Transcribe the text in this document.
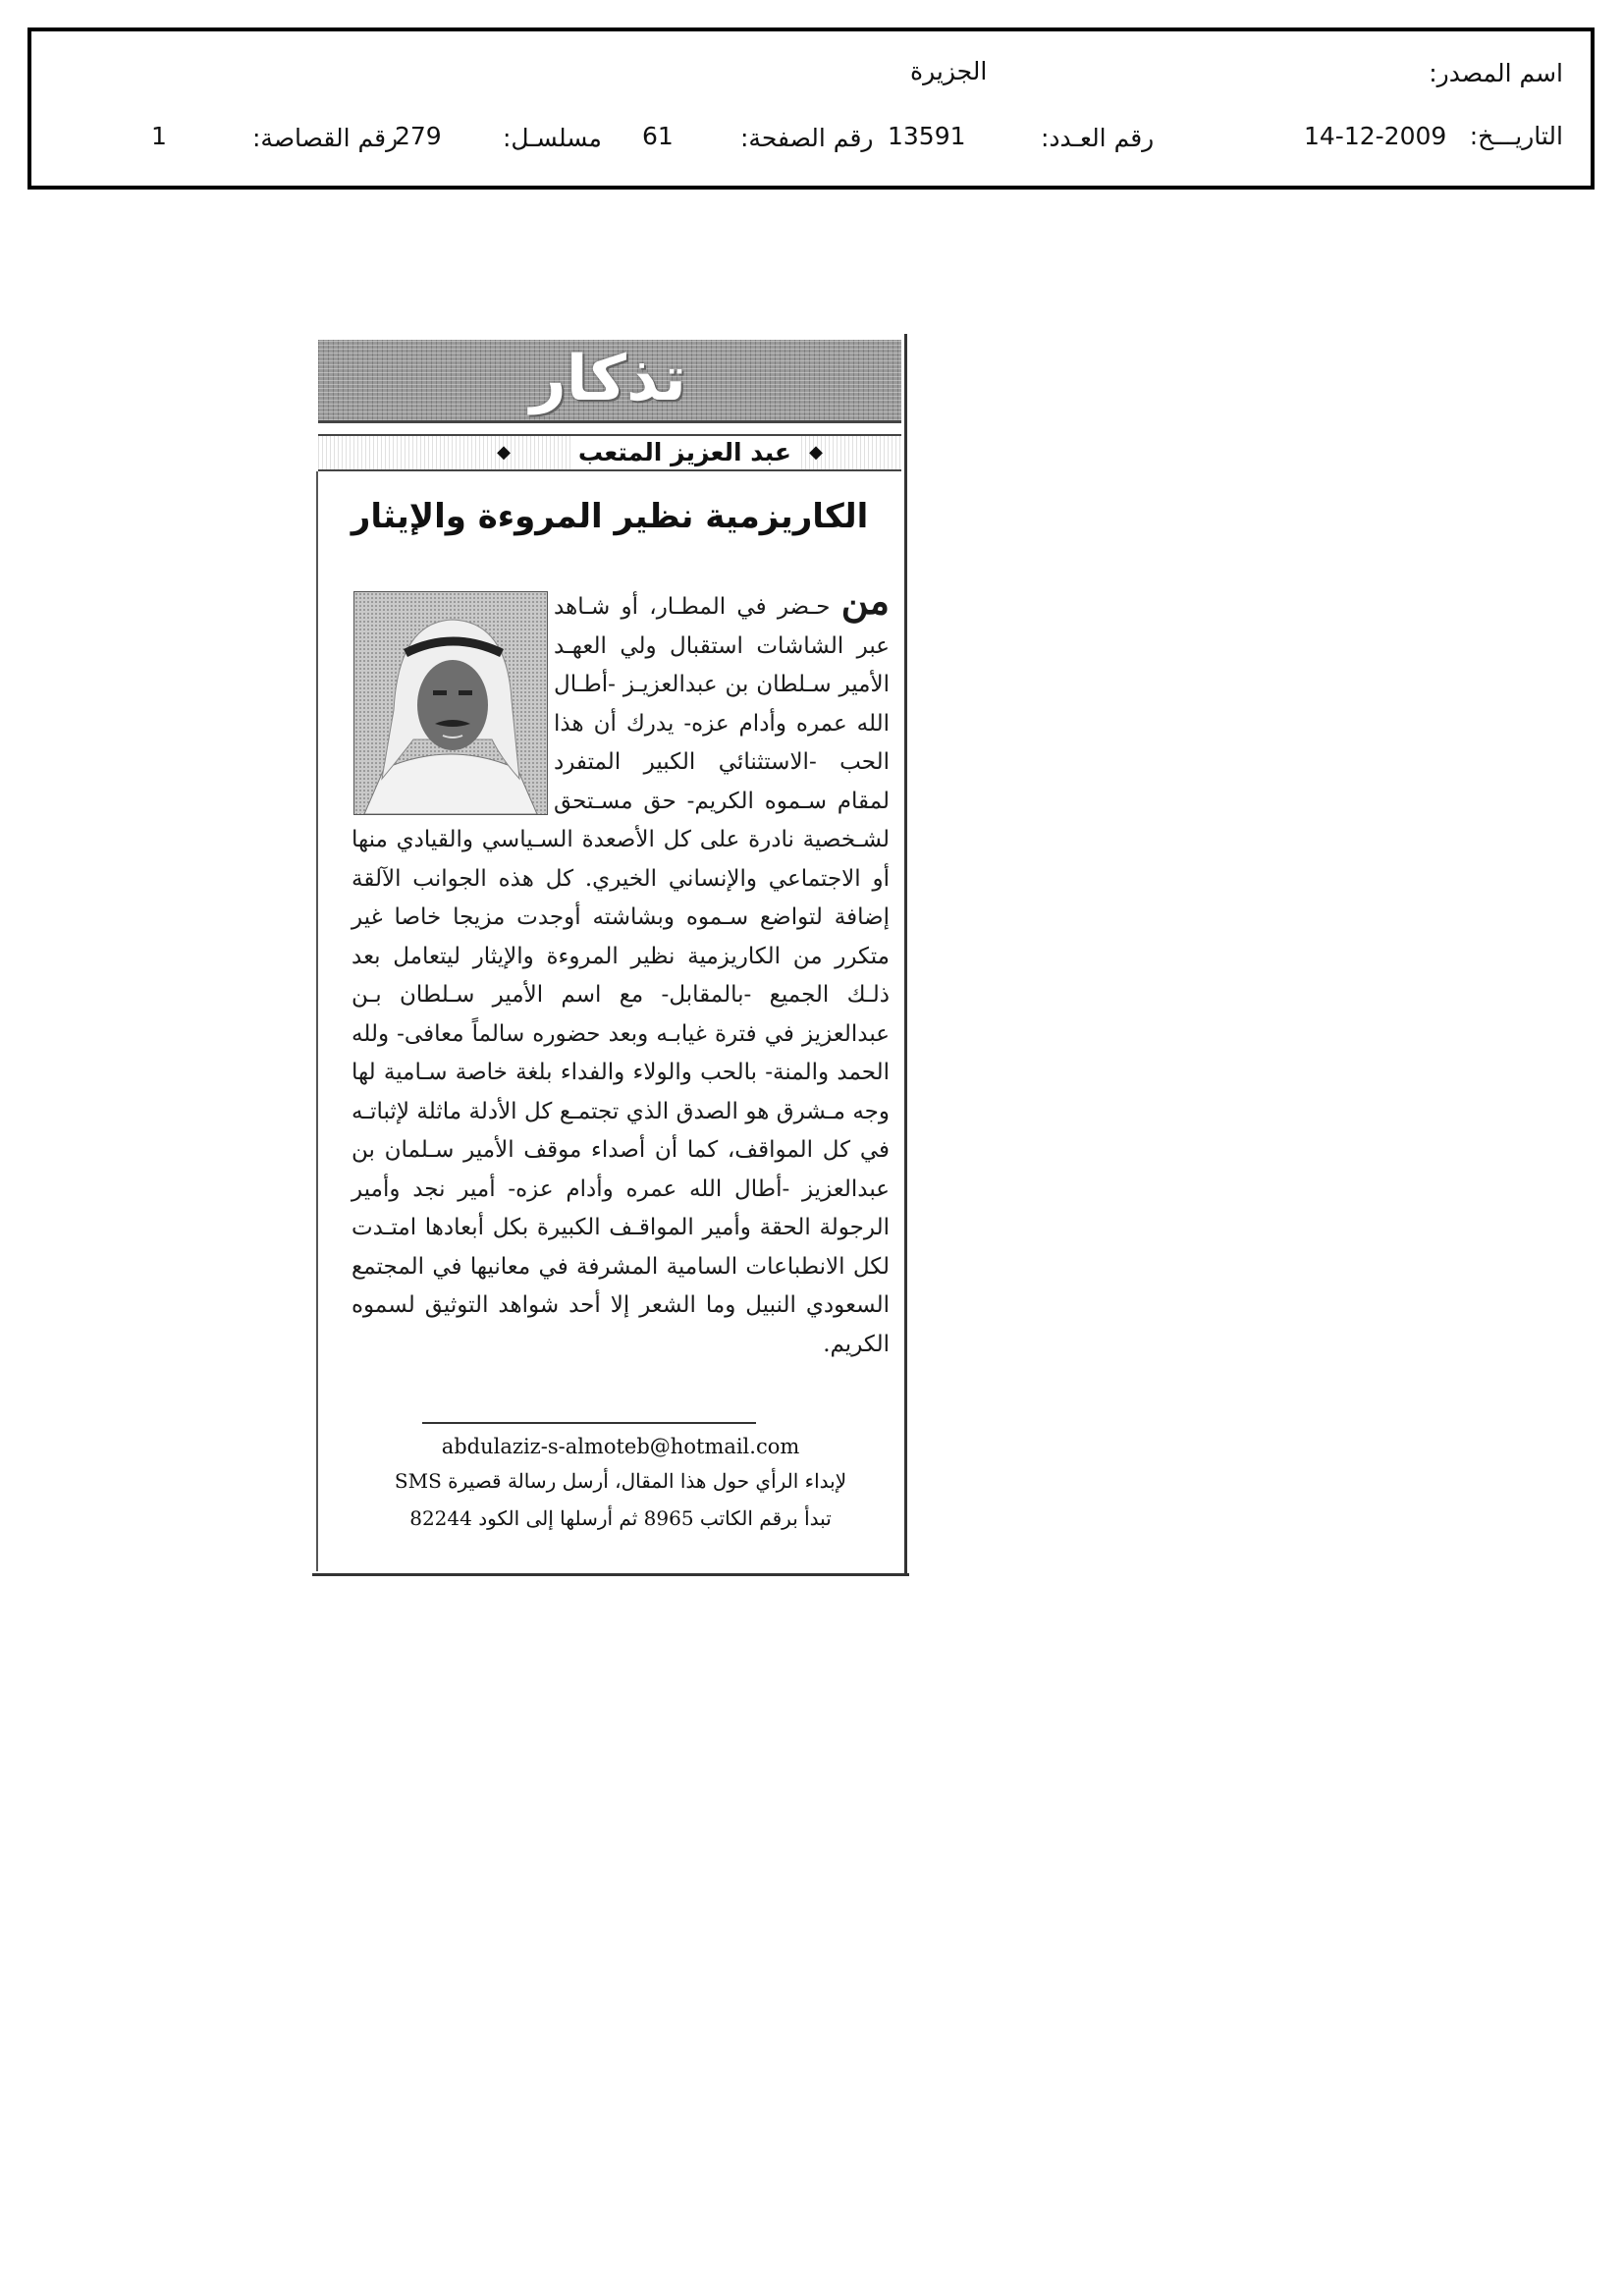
اسم المصدر:
الجزيرة
التاريـــخ:
14-12-2009
رقم العـدد:
13591
رقم الصفحة:
61
مسلسـل:
279
رقم القصاصة:
1
تذكار
عبد العزيز المتعب	◆
◆
الكاريزمية نظير المروءة والإيثار
من حـضر في المطـار، أو شـاهد عبر الشاشات استقبال ولي العهـد الأمير سـلطان بن عبدالعزيـز -أطـال الله عمره وأدام عزه- يدرك أن هذا الحب -الاستثنائي الكبير المتفرد لمقام سـموه الكريم- حق مسـتحق لشـخصية نادرة على كل الأصعدة السـياسي والقيادي منها أو الاجتماعي والإنساني الخيري. كل هذه الجوانب الآلقة إضافة لتواضع سـموه وبشاشته أوجدت مزيجا خاصا غير متكرر من الكاريزمية نظير المروءة والإيثار ليتعامل بعد ذلـك الجميع -بالمقابل- مع اسم الأمير سـلطان بـن عبدالعزيز في فترة غيابـه وبعد حضوره سالماً معافى- ولله الحمد والمنة- بالحب والولاء والفداء بلغة خاصة سـامية لها وجه مـشرق هو الصدق الذي تجتمـع كل الأدلة ماثلة لإثباتـه في كل المواقف، كما أن أصداء موقف الأمير سـلمان بن عبدالعزيز -أطال الله عمره وأدام عزه- أمير نجد وأمير الرجولة الحقة وأمير المواقـف الكبيرة بكل أبعادها امتـدت لكل الانطباعات السامية المشرفة في معانيها في المجتمع السعودي النبيل وما الشعر إلا أحد شواهد التوثيق لسموه الكريم.
abdulaziz-s-almoteb@hotmail.com
لإبداء الرأي حول هذا المقال، أرسل رسالة قصيرة SMS
تبدأ برقم الكاتب 8965 ثم أرسلها إلى الكود 82244
